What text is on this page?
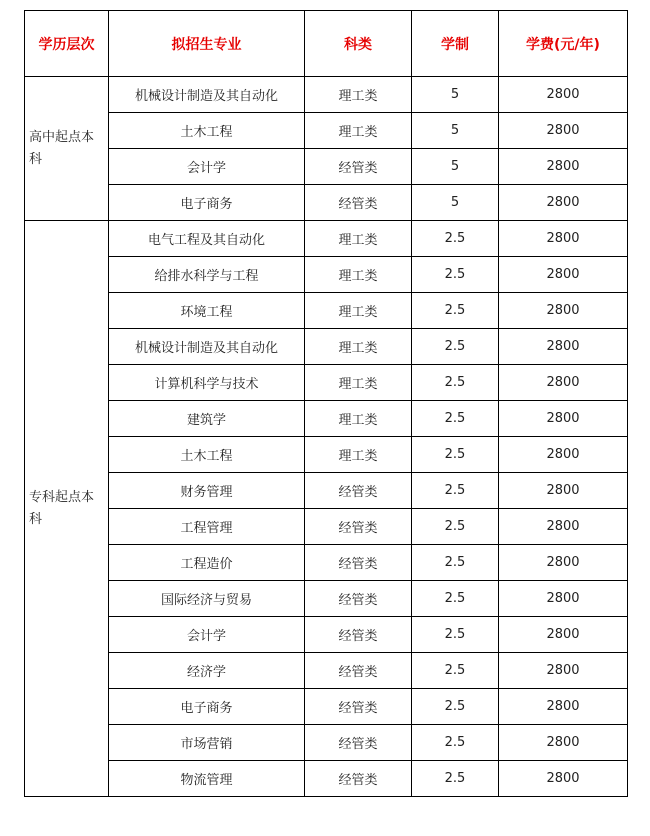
学历层次	拟招生专业	科类	学制	学费(元/年)
高中起点本科	机械设计制造及其自动化	理工类	5	2800
	土木工程	理工类	5	2800
	会计学	经管类	5	2800
	电子商务	经管类	5	2800
专科起点本科	电气工程及其自动化	理工类	2.5	2800
	给排水科学与工程	理工类	2.5	2800
	环境工程	理工类	2.5	2800
	机械设计制造及其自动化	理工类	2.5	2800
	计算机科学与技术	理工类	2.5	2800
	建筑学	理工类	2.5	2800
	土木工程	理工类	2.5	2800
	财务管理	经管类	2.5	2800
	工程管理	经管类	2.5	2800
	工程造价	经管类	2.5	2800
	国际经济与贸易	经管类	2.5	2800
	会计学	经管类	2.5	2800
	经济学	经管类	2.5	2800
	电子商务	经管类	2.5	2800
	市场营销	经管类	2.5	2800
	物流管理	经管类	2.5	2800
